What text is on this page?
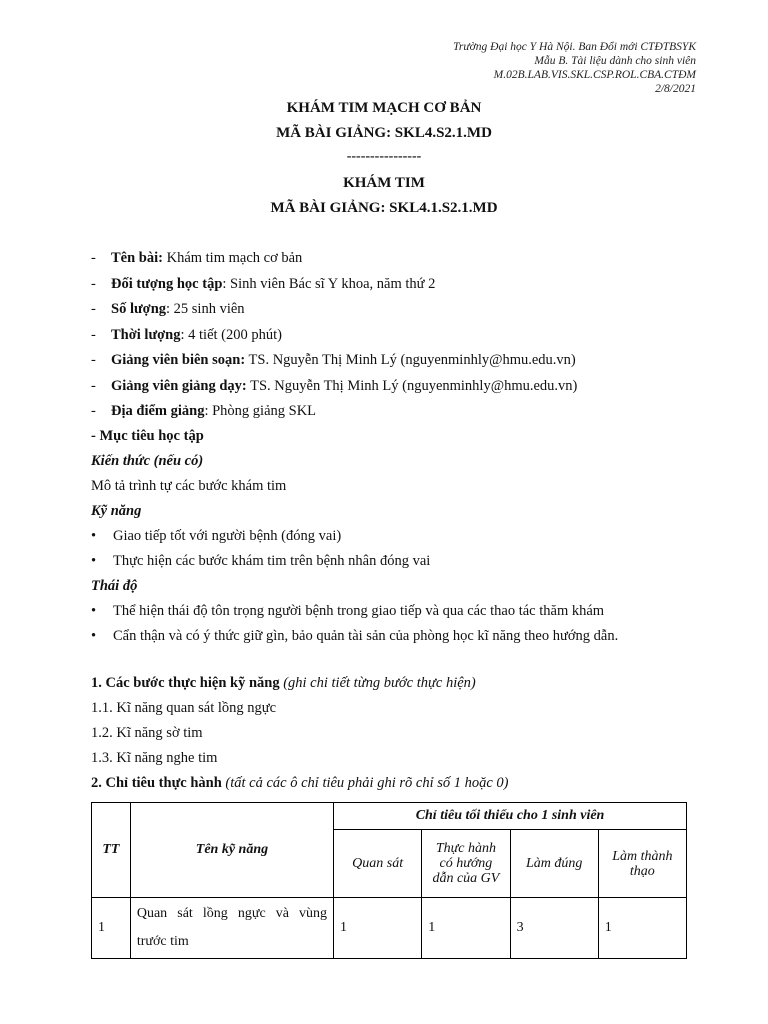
Trường Đại học Y Hà Nội. Ban Đổi mới CTĐTBSYK
Mẫu B. Tài liệu dành cho sinh viên
M.02B.LAB.VIS.SKL.CSP.ROL.CBA.CTĐM
2/8/2021
KHÁM TIM MẠCH CƠ BẢN
MÃ BÀI GIẢNG: SKL4.S2.1.MD
----------------
KHÁM TIM
MÃ BÀI GIẢNG: SKL4.1.S2.1.MD
- Tên bài: Khám tim mạch cơ bản
- Đối tượng học tập: Sinh viên Bác sĩ Y khoa, năm thứ 2
- Số lượng: 25 sinh viên
- Thời lượng: 4 tiết (200 phút)
- Giảng viên biên soạn: TS. Nguyễn Thị Minh Lý (nguyenminhly@hmu.edu.vn)
- Giảng viên giảng dạy: TS. Nguyễn Thị Minh Lý (nguyenminhly@hmu.edu.vn)
- Địa điểm giảng: Phòng giảng SKL
- Mục tiêu học tập
Kiến thức (nếu có)
Mô tả trình tự các bước khám tim
Kỹ năng
• Giao tiếp tốt với người bệnh (đóng vai)
• Thực hiện các bước khám tim trên bệnh nhân đóng vai
Thái độ
• Thể hiện thái độ tôn trọng người bệnh trong giao tiếp và qua các thao tác thăm khám
• Cẩn thận và có ý thức giữ gìn, bảo quản tài sản của phòng học kĩ năng theo hướng dẫn.
1. Các bước thực hiện kỹ năng (ghi chi tiết từng bước thực hiện)
1.1. Kĩ năng quan sát lồng ngực
1.2. Kĩ năng sờ tim
1.3. Kĩ năng nghe tim
2. Chỉ tiêu thực hành (tất cả các ô chỉ tiêu phải ghi rõ chỉ số 1 hoặc 0)
TT	Tên kỹ năng	Chỉ tiêu tối thiểu cho 1 sinh viên			
		Quan sát	Thực hành có hướng dẫn của GV	Làm đúng	Làm thành thạo
1	Quan sát lồng ngực và vùng trước tim	1	1	3	1
